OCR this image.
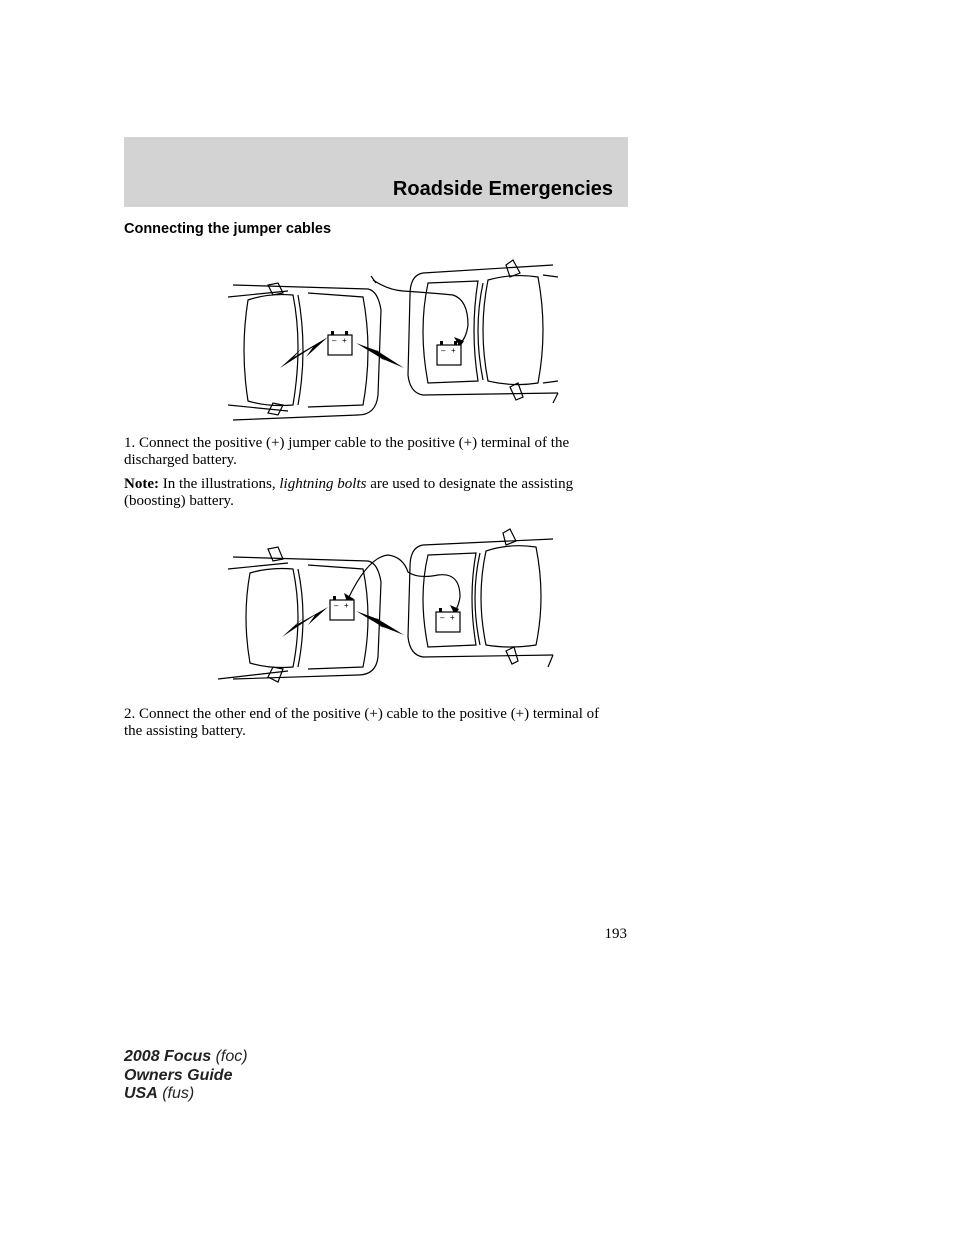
Roadside Emergencies
Connecting the jumper cables
– +
– +

1. Connect the positive (+) jumper cable to the positive (+) terminal of the discharged battery.

Note: In the illustrations, lightning bolts are used to designate the assisting (boosting) battery.

– +
– +

2. Connect the other end of the positive (+) cable to the positive (+) terminal of the assisting battery.

193
2008 Focus (foc)
Owners Guide
USA (fus)
